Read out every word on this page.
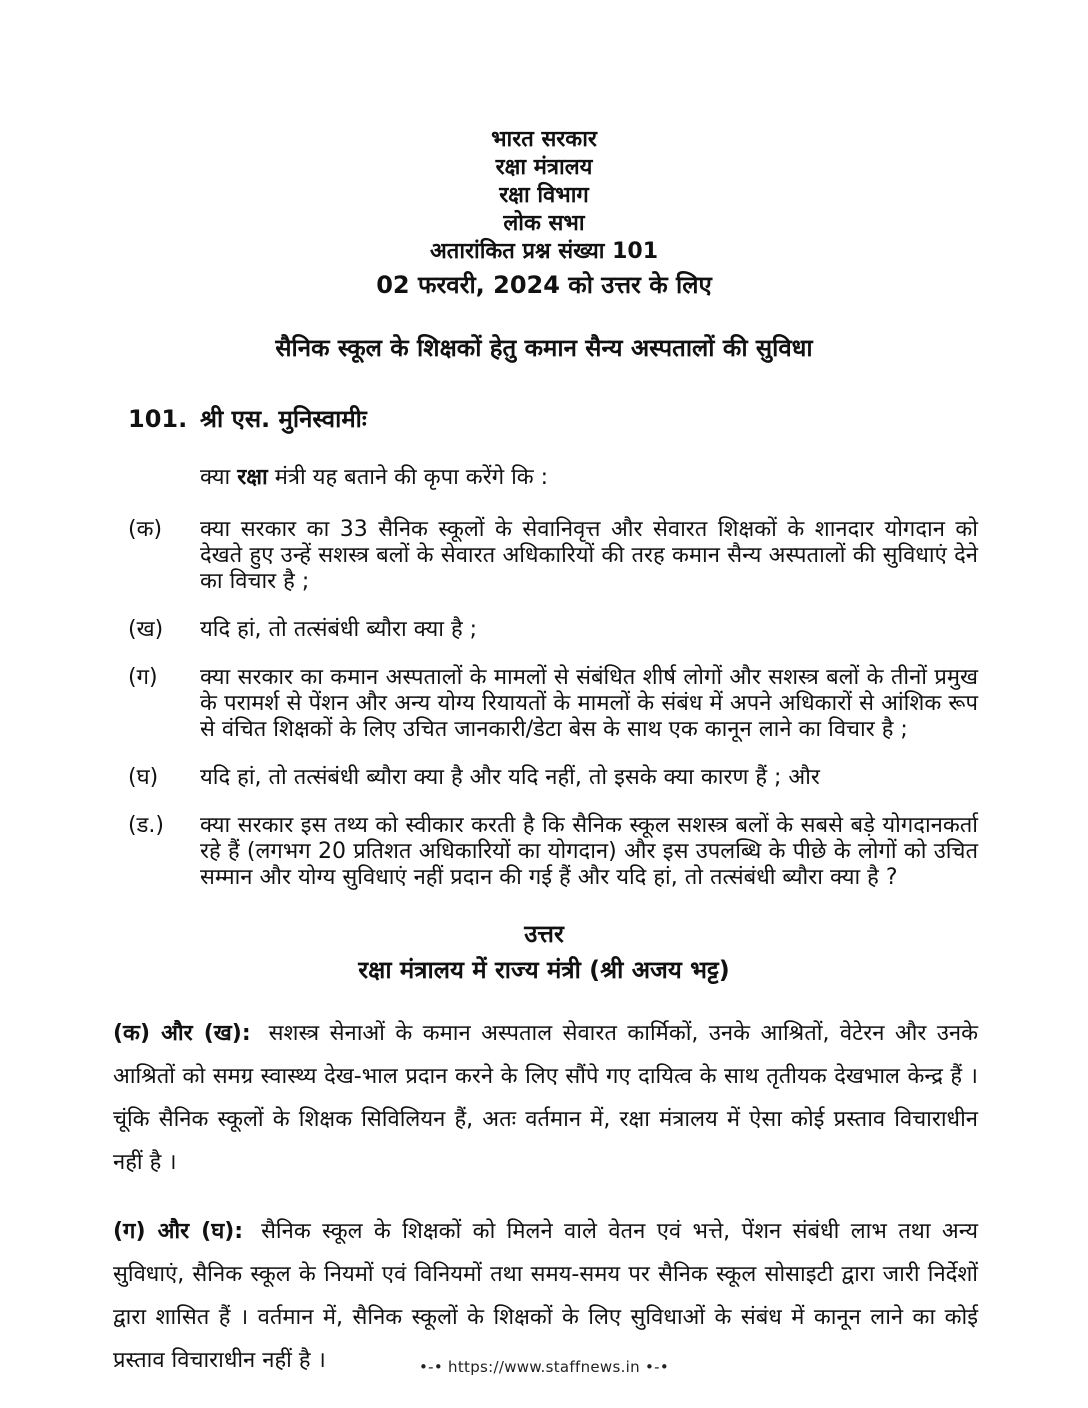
भारत सरकार
रक्षा मंत्रालय
रक्षा विभाग
लोक सभा
अतारांकित प्रश्न संख्या 101
02 फरवरी, 2024 को उत्तर के लिए
सैनिक स्कूल के शिक्षकों हेतु कमान सैन्य अस्पतालों की सुविधा
101. श्री एस. मुनिस्वामीः

क्या रक्षा मंत्री यह बताने की कृपा करेंगे कि :

(क)	क्या सरकार का 33 सैनिक स्कूलों के सेवानिवृत्त और सेवारत शिक्षकों के शानदार योगदान को देखते हुए उन्हें सशस्त्र बलों के सेवारत अधिकारियों की तरह कमान सैन्य अस्पतालों की सुविधाएं देने का विचार है ;
(ख)	यदि हां, तो तत्संबंधी ब्यौरा क्या है ;
(ग)	क्या सरकार का कमान अस्पतालों के मामलों से संबंधित शीर्ष लोगों और सशस्त्र बलों के तीनों प्रमुख के परामर्श से पेंशन और अन्य योग्य रियायतों के मामलों के संबंध में अपने अधिकारों से आंशिक रूप से वंचित शिक्षकों के लिए उचित जानकारी/डेटा बेस के साथ एक कानून लाने का विचार है ;
(घ)	यदि हां, तो तत्संबंधी ब्यौरा क्या है और यदि नहीं, तो इसके क्या कारण हैं ; और
(ड.)	क्या सरकार इस तथ्य को स्वीकार करती है कि सैनिक स्कूल सशस्त्र बलों के सबसे बड़े योगदानकर्ता रहे हैं (लगभग 20 प्रतिशत अधिकारियों का योगदान) और इस उपलब्धि के पीछे के लोगों को उचित सम्मान और योग्य सुविधाएं नहीं प्रदान की गई हैं और यदि हां, तो तत्संबंधी ब्यौरा क्या है ?
उत्तर
रक्षा मंत्रालय में राज्य मंत्री (श्री अजय भट्ट)

(क) और (ख): सशस्त्र सेनाओं के कमान अस्पताल सेवारत कार्मिकों, उनके आश्रितों, वेटेरन और उनके आश्रितों को समग्र स्वास्थ्य देख-भाल प्रदान करने के लिए सौंपे गए दायित्व के साथ तृतीयक देखभाल केन्द्र हैं । चूंकि सैनिक स्कूलों के शिक्षक सिविलियन हैं, अतः वर्तमान में, रक्षा मंत्रालय में ऐसा कोई प्रस्ताव विचाराधीन नहीं है ।

(ग) और (घ): सैनिक स्कूल के शिक्षकों को मिलने वाले वेतन एवं भत्ते, पेंशन संबंधी लाभ तथा अन्य सुविधाएं, सैनिक स्कूल के नियमों एवं विनियमों तथा समय-समय पर सैनिक स्कूल सोसाइटी द्वारा जारी निर्देशों द्वारा शासित हैं । वर्तमान में, सैनिक स्कूलों के शिक्षकों के लिए सुविधाओं के संबंध में कानून लाने का कोई प्रस्ताव विचाराधीन नहीं है ।	•-• https://www.staffnews.in •-•
